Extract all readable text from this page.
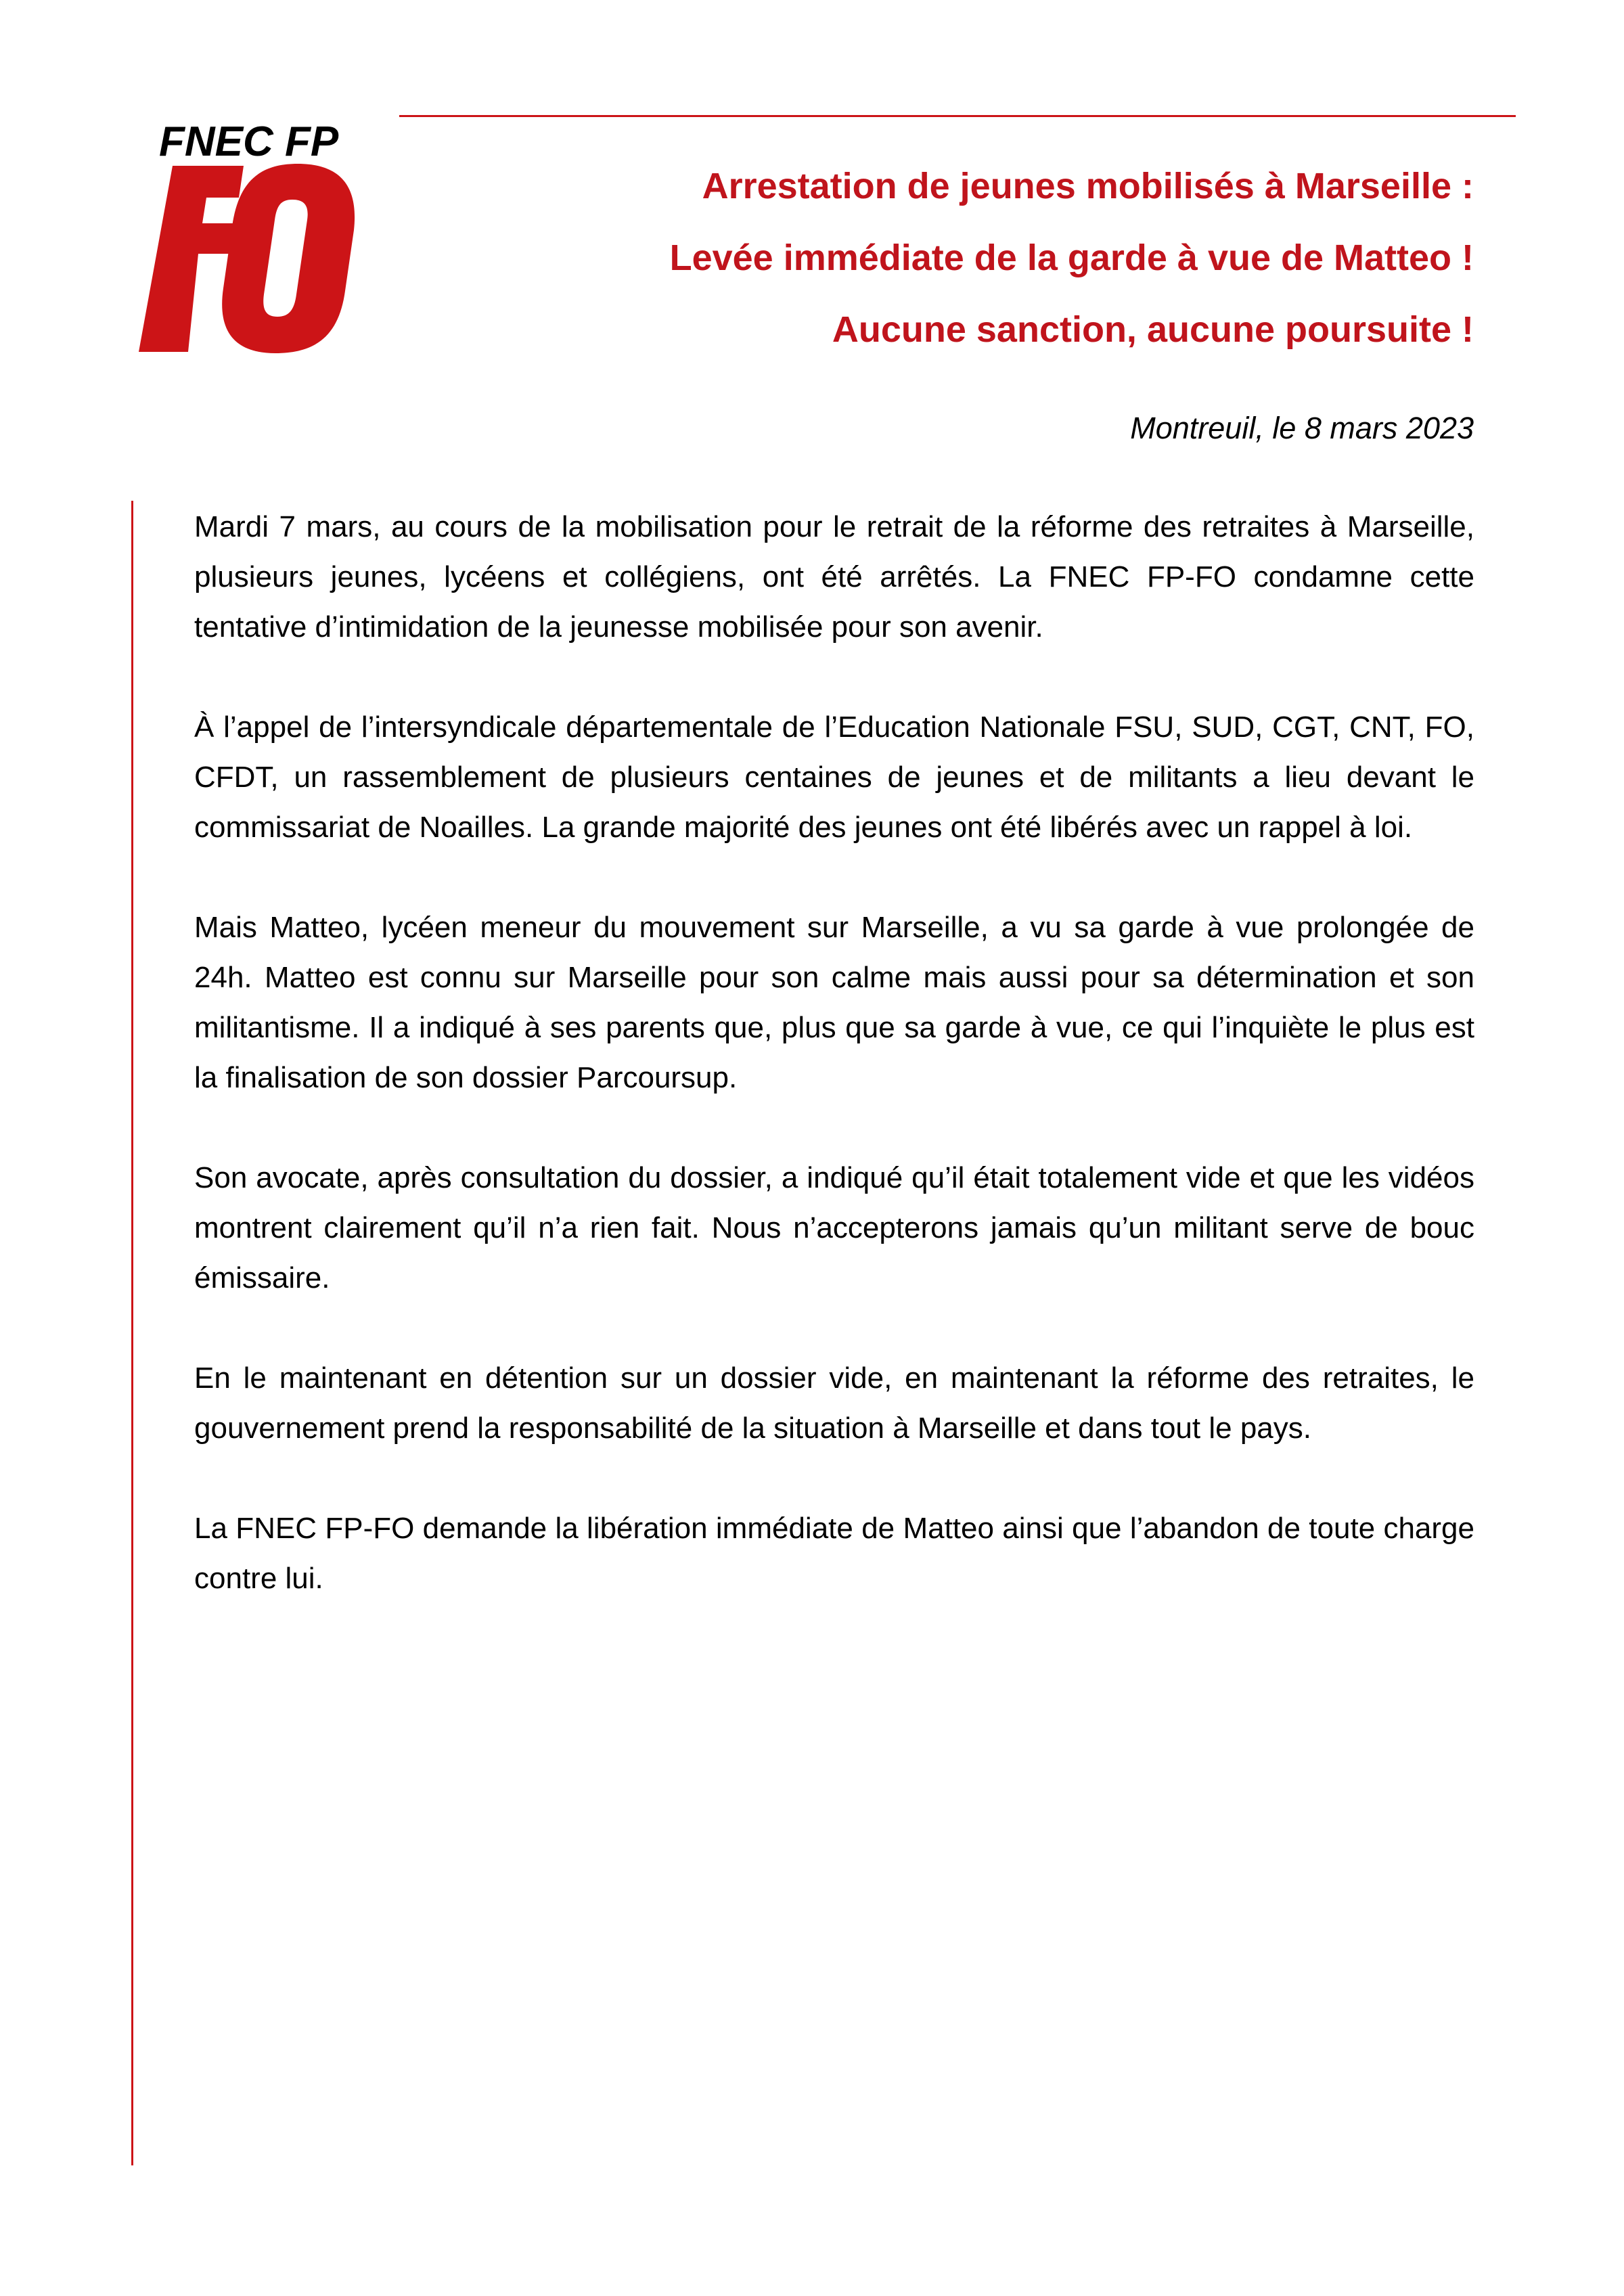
FNEC FP
Arrestation de jeunes mobilisés à Marseille :
Levée immédiate de la garde à vue de Matteo !
Aucune sanction, aucune poursuite !
Montreuil, le 8 mars 2023

Mardi 7 mars, au cours de la mobilisation pour le retrait de la réforme des retraites à Marseille, plusieurs jeunes, lycéens et collégiens, ont été arrêtés. La FNEC FP-FO condamne cette tentative d’intimidation de la jeunesse mobilisée pour son avenir.

À l’appel de l’intersyndicale départementale de l’Education Nationale FSU, SUD, CGT, CNT, FO, CFDT, un rassemblement de plusieurs centaines de jeunes et de militants a lieu devant le commissariat de Noailles. La grande majorité des jeunes ont été libérés avec un rappel à loi.

Mais Matteo, lycéen meneur du mouvement sur Marseille, a vu sa garde à vue prolongée de 24h. Matteo est connu sur Marseille pour son calme mais aussi pour sa détermination et son militantisme. Il a indiqué à ses parents que, plus que sa garde à vue, ce qui l’inquiète le plus est la finalisation de son dossier Parcoursup.

Son avocate, après consultation du dossier, a indiqué qu’il était totalement vide et que les vidéos montrent clairement qu’il n’a rien fait. Nous n’accepterons jamais qu’un militant serve de bouc émissaire.

En le maintenant en détention sur un dossier vide, en maintenant la réforme des retraites, le gouvernement prend la responsabilité de la situation à Marseille et dans tout le pays.

La FNEC FP-FO demande la libération immédiate de Matteo ainsi que l’abandon de toute charge contre lui.
